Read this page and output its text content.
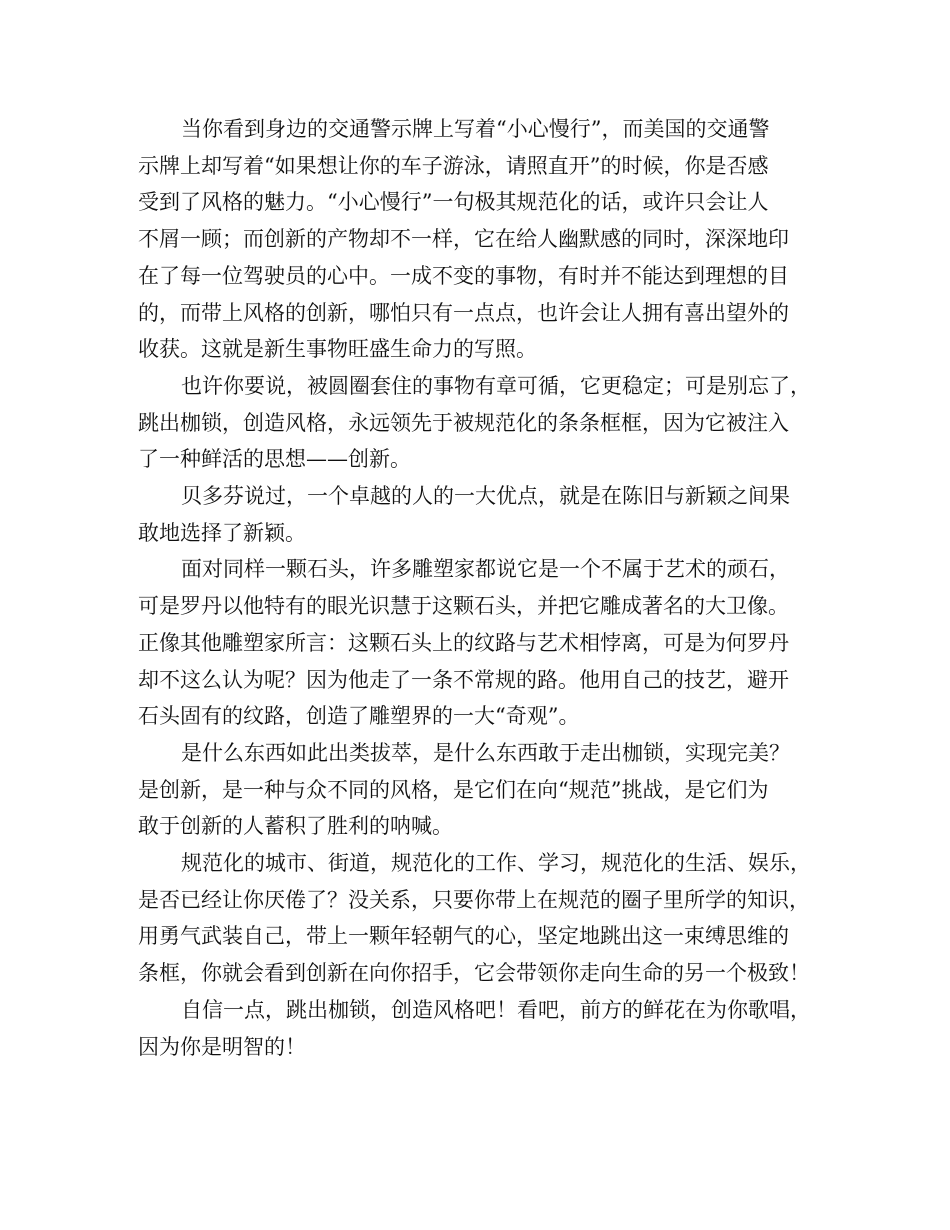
当你看到身边的交通警示牌上写着“小心慢行”，而美国的交通警
示牌上却写着“如果想让你的车子游泳，请照直开”的时候，你是否感
受到了风格的魅力。“小心慢行”一句极其规范化的话，或许只会让人
不屑一顾；而创新的产物却不一样，它在给人幽默感的同时，深深地印
在了每一位驾驶员的心中。一成不变的事物，有时并不能达到理想的目
的，而带上风格的创新，哪怕只有一点点，也许会让人拥有喜出望外的
收获。这就是新生事物旺盛生命力的写照。

也许你要说，被圆圈套住的事物有章可循，它更稳定；可是别忘了，
跳出枷锁，创造风格，永远领先于被规范化的条条框框，因为它被注入
了一种鲜活的思想——创新。

贝多芬说过，一个卓越的人的一大优点，就是在陈旧与新颖之间果
敢地选择了新颖。

面对同样一颗石头，许多雕塑家都说它是一个不属于艺术的顽石，
可是罗丹以他特有的眼光识慧于这颗石头，并把它雕成著名的大卫像。
正像其他雕塑家所言：这颗石头上的纹路与艺术相悖离，可是为何罗丹
却不这么认为呢？因为他走了一条不常规的路。他用自己的技艺，避开
石头固有的纹路，创造了雕塑界的一大“奇观”。

是什么东西如此出类拔萃，是什么东西敢于走出枷锁，实现完美？
是创新，是一种与众不同的风格，是它们在向“规范”挑战，是它们为
敢于创新的人蓄积了胜利的呐喊。

规范化的城市、街道，规范化的工作、学习，规范化的生活、娱乐，
是否已经让你厌倦了？没关系，只要你带上在规范的圈子里所学的知识，
用勇气武装自己，带上一颗年轻朝气的心，坚定地跳出这一束缚思维的
条框，你就会看到创新在向你招手，它会带领你走向生命的另一个极致！

自信一点，跳出枷锁，创造风格吧！看吧，前方的鲜花在为你歌唱，
因为你是明智的！
